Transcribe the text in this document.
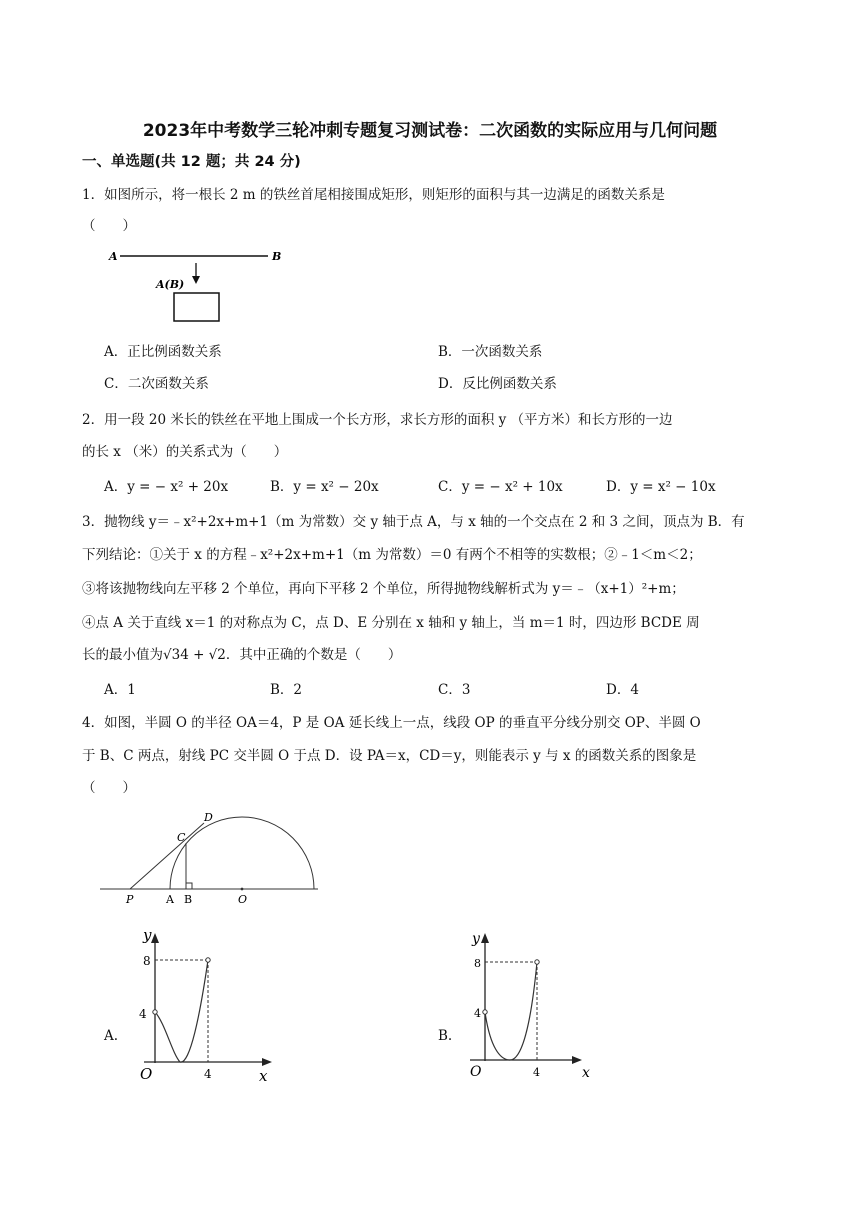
2023年中考数学三轮冲刺专题复习测试卷：二次函数的实际应用与几何问题
一、单选题(共 12 题；共 24 分)
1．如图所示，将一根长 2 m 的铁丝首尾相接围成矩形，则矩形的面积与其一边满足的函数关系是
（　　）
A	B
A(B)
A．正比例函数关系	B．一次函数关系
C．二次函数关系	D．反比例函数关系
2．用一段 20 米长的铁丝在平地上围成一个长方形，求长方形的面积 y （平方米）和长方形的一边
的长 x （米）的关系式为（　　）
A．y = − x² + 20x	B．y = x² − 20x	C．y = − x² + 10x	D．y = x² − 10x
3．抛物线 y＝﹣x²+2x+m+1（m 为常数）交 y 轴于点 A，与 x 轴的一个交点在 2 和 3 之间，顶点为 B．有
下列结论：①关于 x 的方程﹣x²+2x+m+1（m 为常数）＝0 有两个不相等的实数根；②﹣1＜m＜2；
③将该抛物线向左平移 2 个单位，再向下平移 2 个单位，所得抛物线解析式为 y＝﹣（x+1）²+m；
④点 A 关于直线 x＝1 的对称点为 C，点 D、E 分别在 x 轴和 y 轴上，当 m＝1 时，四边形 BCDE 周
长的最小值为√34 + √2．其中正确的个数是（　　）
A．1	B．2	C．3	D．4
4．如图，半圆 O 的半径 OA＝4，P 是 OA 延长线上一点，线段 OP 的垂直平分线分别交 OP、半圆 O
于 B、C 两点，射线 PC 交半圆 O 于点 D．设 PA＝x，CD＝y，则能表示 y 与 x 的函数关系的图象是
（　　）
P	A B	O
C
D
A.
y
x
O
8
4
4
B.
y
x
O
8
4
4
